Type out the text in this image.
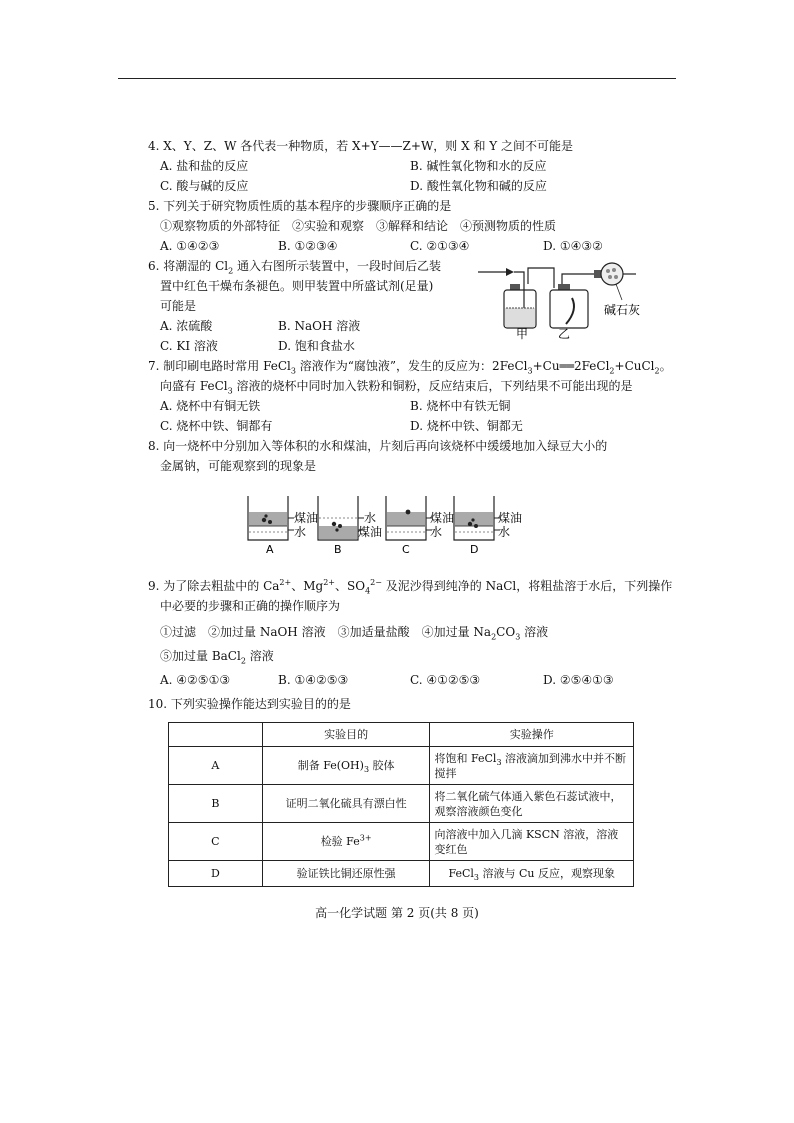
4. X、Y、Z、W 各代表一种物质，若 X+Y——Z+W，则 X 和 Y 之间不可能是
A. 盐和盐的反应	B. 碱性氧化物和水的反应
C. 酸与碱的反应	D. 酸性氧化物和碱的反应
5. 下列关于研究物质性质的基本程序的步骤顺序正确的是
①观察物质的外部特征　②实验和观察　③解释和结论　④预测物质的性质
A. ①④②③	B. ①②③④	C. ②①③④	D. ①④③②
6. 将潮湿的 $Cl_2$ 通入右图所示装置中，一段时间后乙装
置中红色干燥布条褪色。则甲装置中所盛试剂(足量)
可能是
A. 浓硫酸	B. NaOH 溶液
C. KI 溶液	D. 饱和食盐水
甲 乙
碱石灰
7. 制印刷电路时常用 FeCl$_3$ 溶液作为“腐蚀液”，发生的反应为：2FeCl$_3$+Cu══2FeCl$_2$+CuCl$_2$。
向盛有 FeCl$_3$ 溶液的烧杯中同时加入铁粉和铜粉，反应结束后，下列结果不可能出现的是
A. 烧杯中有铜无铁	B. 烧杯中有铁无铜
C. 烧杯中铁、铜都有	D. 烧杯中铁、铜都无
8. 向一烧杯中分别加入等体积的水和煤油，片刻后再向该烧杯中缓缓地加入绿豆大小的
金属钠，可能观察到的现象是
煤油
水
A
水
煤油
B
煤油
水
C
煤油
水
D
9. 为了除去粗盐中的 $Ca^{2+}$、$Mg^{2+}$、$SO_4^{2-}$ 及泥沙得到纯净的 NaCl，将粗盐溶于水后，下列操作
中必要的步骤和正确的操作顺序为
①过滤　②加过量 NaOH 溶液　③加适量盐酸　④加过量 $Na_2CO_3$ 溶液
⑤加过量 BaCl$_2$ 溶液
A. ④②⑤①③	B. ①④②⑤③	C. ④①②⑤③	D. ②⑤④①③
10. 下列实验操作能达到实验目的的是
	实验目的	实验操作
A	制备 $Fe(OH)_3$ 胶体	将饱和 FeCl$_3$ 溶液滴加到沸水中并不断搅拌
B	证明二氧化硫具有漂白性	将二氧化硫气体通入紫色石蕊试液中，观察溶液颜色变化
C	检验 $Fe^{3+}$	向溶液中加入几滴 KSCN 溶液，溶液变红色
D	验证铁比铜还原性强	FeCl$_3$ 溶液与 Cu 反应，观察现象
高一化学试题 第 2 页(共 8 页)
